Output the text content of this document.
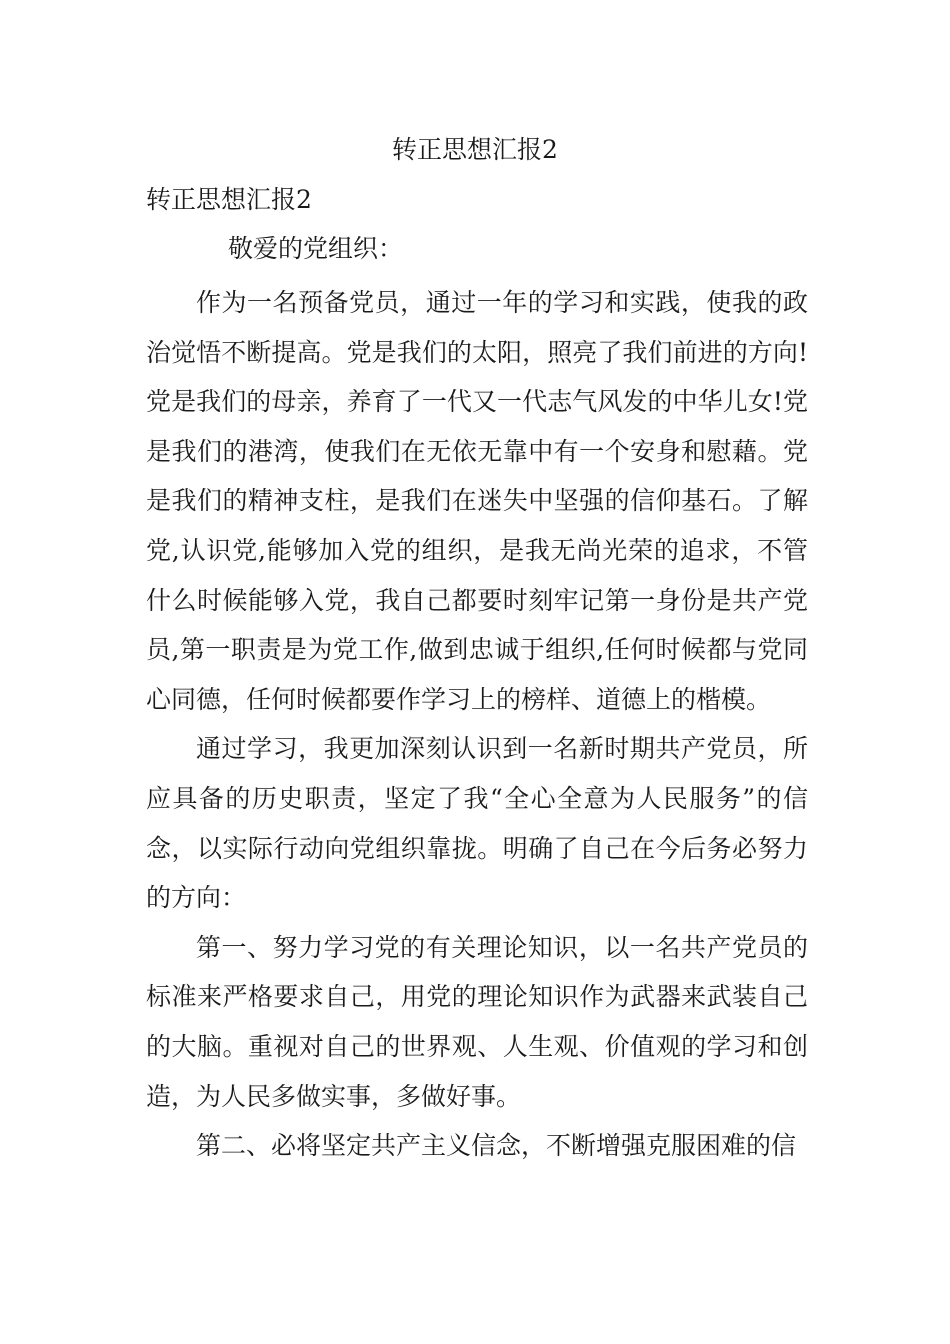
转正思想汇报2
转正思想汇报2
敬爱的党组织：

作为一名预备党员，通过一年的学习和实践，使我的政治觉悟不断提高。党是我们的太阳，照亮了我们前进的方向!党是我们的母亲，养育了一代又一代志气风发的中华儿女!党是我们的港湾，使我们在无依无靠中有一个安身和慰藉。党是我们的精神支柱，是我们在迷失中坚强的信仰基石。了解党,认识党,能够加入党的组织，是我无尚光荣的追求，不管什么时候能够入党，我自己都要时刻牢记第一身份是共产党员,第一职责是为党工作,做到忠诚于组织,任何时候都与党同心同德，任何时候都要作学习上的榜样、道德上的楷模。

通过学习，我更加深刻认识到一名新时期共产党员，所应具备的历史职责，坚定了我“全心全意为人民服务”的信念，以实际行动向党组织靠拢。明确了自己在今后务必努力的方向：

第一、努力学习党的有关理论知识，以一名共产党员的标准来严格要求自己，用党的理论知识作为武器来武装自己的大脑。重视对自己的世界观、人生观、价值观的学习和创造，为人民多做实事，多做好事。

第二、必将坚定共产主义信念，不断增强克服困难的信
